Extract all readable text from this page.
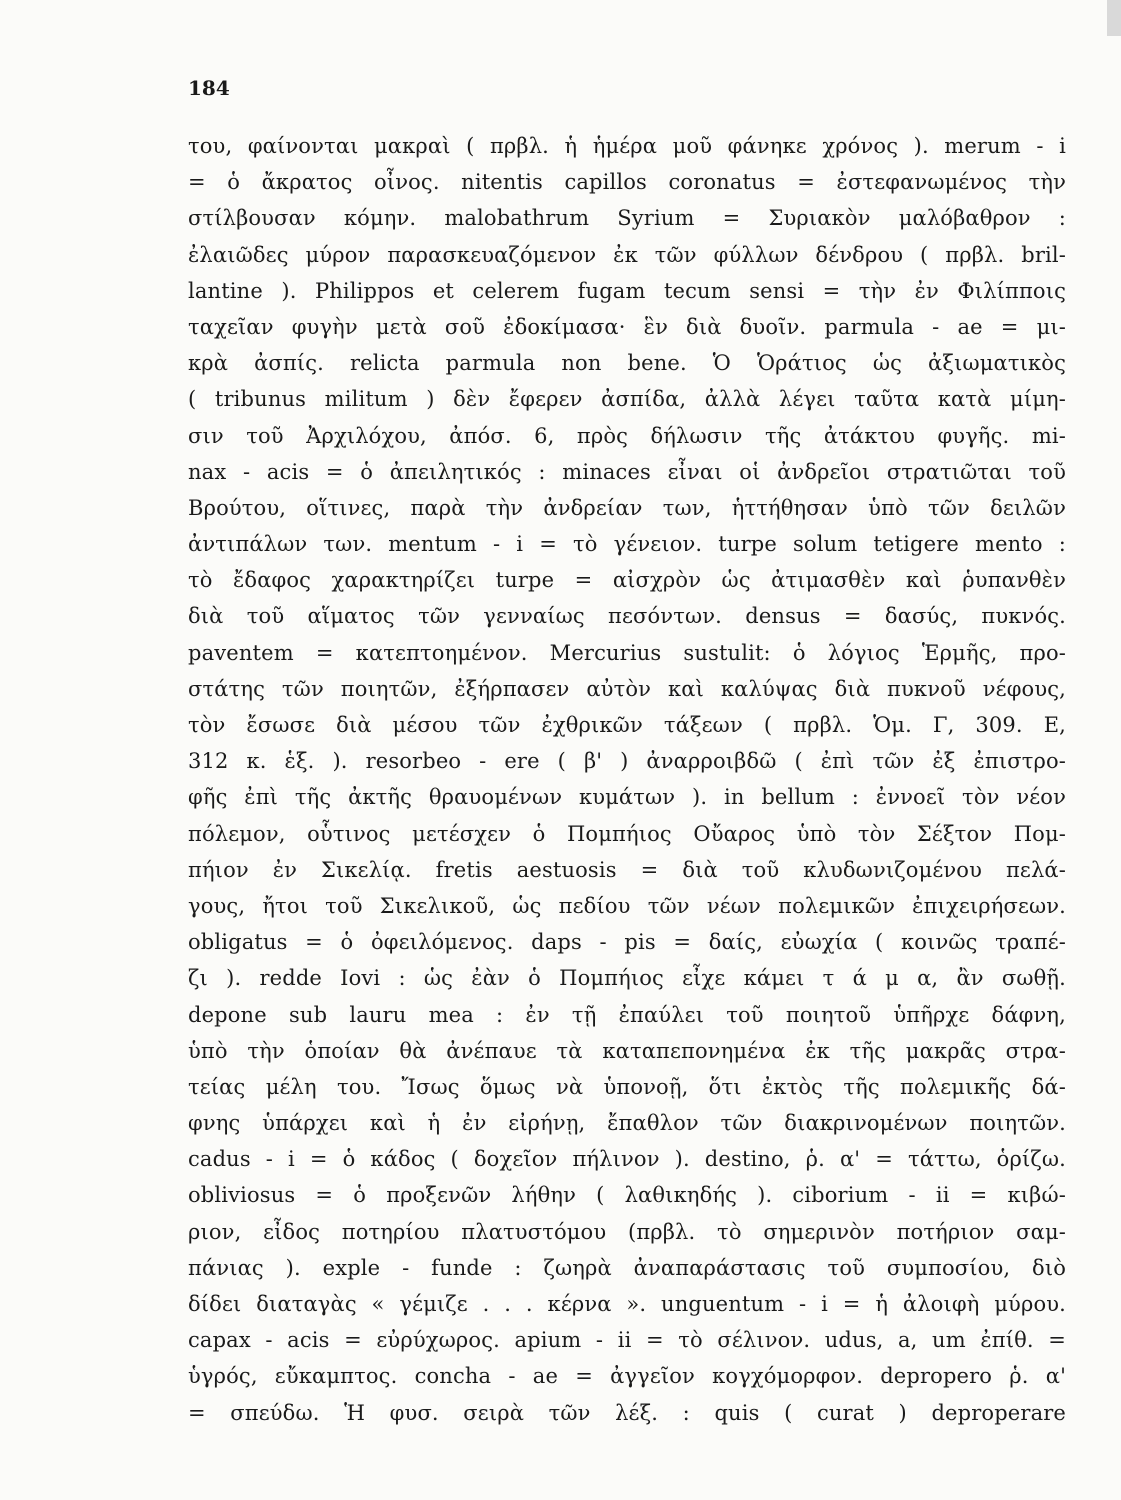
184
του, φαίνονται μακραὶ ( πρβλ. ἡ ἡμέρα μοῦ φάνηκε χρόνος ). merum - i
= ὁ ἄκρατος οἶνος. nitentis capillos coronatus = ἐστεφανωμένος τὴν
στίλβουσαν κόμην. malobathrum Syrium = Συριακὸν μαλόβαθρον :
ἐλαιῶδες μύρον παρασκευαζόμενον ἐκ τῶν φύλλων δένδρου ( πρβλ. bril-
lantine ). Philippos et celerem fugam tecum sensi = τὴν ἐν Φιλίπποις
ταχεῖαν φυγὴν μετὰ σοῦ ἐδοκίμασα· ἓν διὰ δυοῖν. parmula - ae = μι-
κρὰ ἀσπίς. relicta parmula non bene. Ὁ Ὁράτιος ὡς ἀξιωματικὸς
( tribunus militum ) δὲν ἔφερεν ἀσπίδα, ἀλλὰ λέγει ταῦτα κατὰ μίμη-
σιν τοῦ Ἀρχιλόχου, ἀπόσ. 6, πρὸς δήλωσιν τῆς ἀτάκτου φυγῆς. mi-
nax - acis = ὁ ἀπειλητικός : minaces εἶναι οἱ ἀνδρεῖοι στρατιῶται τοῦ
Βρούτου, οἵτινες, παρὰ τὴν ἀνδρείαν των, ἡττήθησαν ὑπὸ τῶν δειλῶν
ἀντιπάλων των. mentum - i = τὸ γένειον. turpe solum tetigere mento :
τὸ ἔδαφος χαρακτηρίζει turpe = αἰσχρὸν ὡς ἀτιμασθὲν καὶ ῥυπανθὲν
διὰ τοῦ αἵματος τῶν γενναίως πεσόντων. densus = δασύς, πυκνός.
paventem = κατεπτοημένον. Mercurius sustulit: ὁ λόγιος Ἑρμῆς, προ-
στάτης τῶν ποιητῶν, ἐξήρπασεν αὐτὸν καὶ καλύψας διὰ πυκνοῦ νέφους,
τὸν ἔσωσε διὰ μέσου τῶν ἐχθρικῶν τάξεων ( πρβλ. Ὁμ. Γ, 309. Ε,
312 κ. ἑξ. ). resorbeo - ere ( β' ) ἀναρροιβδῶ ( ἐπὶ τῶν ἐξ ἐπιστρο-
φῆς ἐπὶ τῆς ἀκτῆς θραυομένων κυμάτων ). in bellum : ἐννοεῖ τὸν νέον
πόλεμον, οὗτινος μετέσχεν ὁ Πομπήιος Οὔαρος ὑπὸ τὸν Σέξτον Πομ-
πήιον ἐν Σικελίᾳ. fretis aestuosis = διὰ τοῦ κλυδωνιζομένου πελά-
γους, ἤτοι τοῦ Σικελικοῦ, ὡς πεδίου τῶν νέων πολεμικῶν ἐπιχειρήσεων.
obligatus = ὁ ὀφειλόμενος. daps - pis = δαίς, εὐωχία ( κοινῶς τραπέ-
ζι ). redde Iovi : ὡς ἐὰν ὁ Πομπήιος εἶχε κάμει τ ά μ α, ἂν σωθῇ.
depone sub lauru mea : ἐν τῇ ἐπαύλει τοῦ ποιητοῦ ὑπῆρχε δάφνη,
ὑπὸ τὴν ὁποίαν θὰ ἀνέπαυε τὰ καταπεπονημένα ἐκ τῆς μακρᾶς στρα-
τείας μέλη του. Ἴσως ὅμως νὰ ὑπονοῇ, ὅτι ἐκτὸς τῆς πολεμικῆς δά-
φνης ὑπάρχει καὶ ἡ ἐν εἰρήνῃ, ἔπαθλον τῶν διακρινομένων ποιητῶν.
cadus - i = ὁ κάδος ( δοχεῖον πήλινον ). destino, ῥ. α' = τάττω, ὁρίζω.
obliviosus = ὁ προξενῶν λήθην ( λαθικηδής ). ciborium - ii = κιβώ-
ριον, εἶδος ποτηρίου πλατυστόμου (πρβλ. τὸ σημερινὸν ποτήριον σαμ-
πάνιας ). exple - funde : ζωηρὰ ἀναπαράστασις τοῦ συμποσίου, διὸ
δίδει διαταγὰς « γέμιζε . . . κέρνα ». unguentum - i = ἡ ἀλοιφὴ μύρου.
capax - acis = εὐρύχωρος. apium - ii = τὸ σέλινον. udus, a, um ἐπίθ. =
ὑγρός, εὔκαμπτος. concha - ae = ἀγγεῖον κογχόμορφον. depropero ῥ. α'
= σπεύδω. Ἡ φυσ. σειρὰ τῶν λέξ. : quis ( curat ) deproperare
